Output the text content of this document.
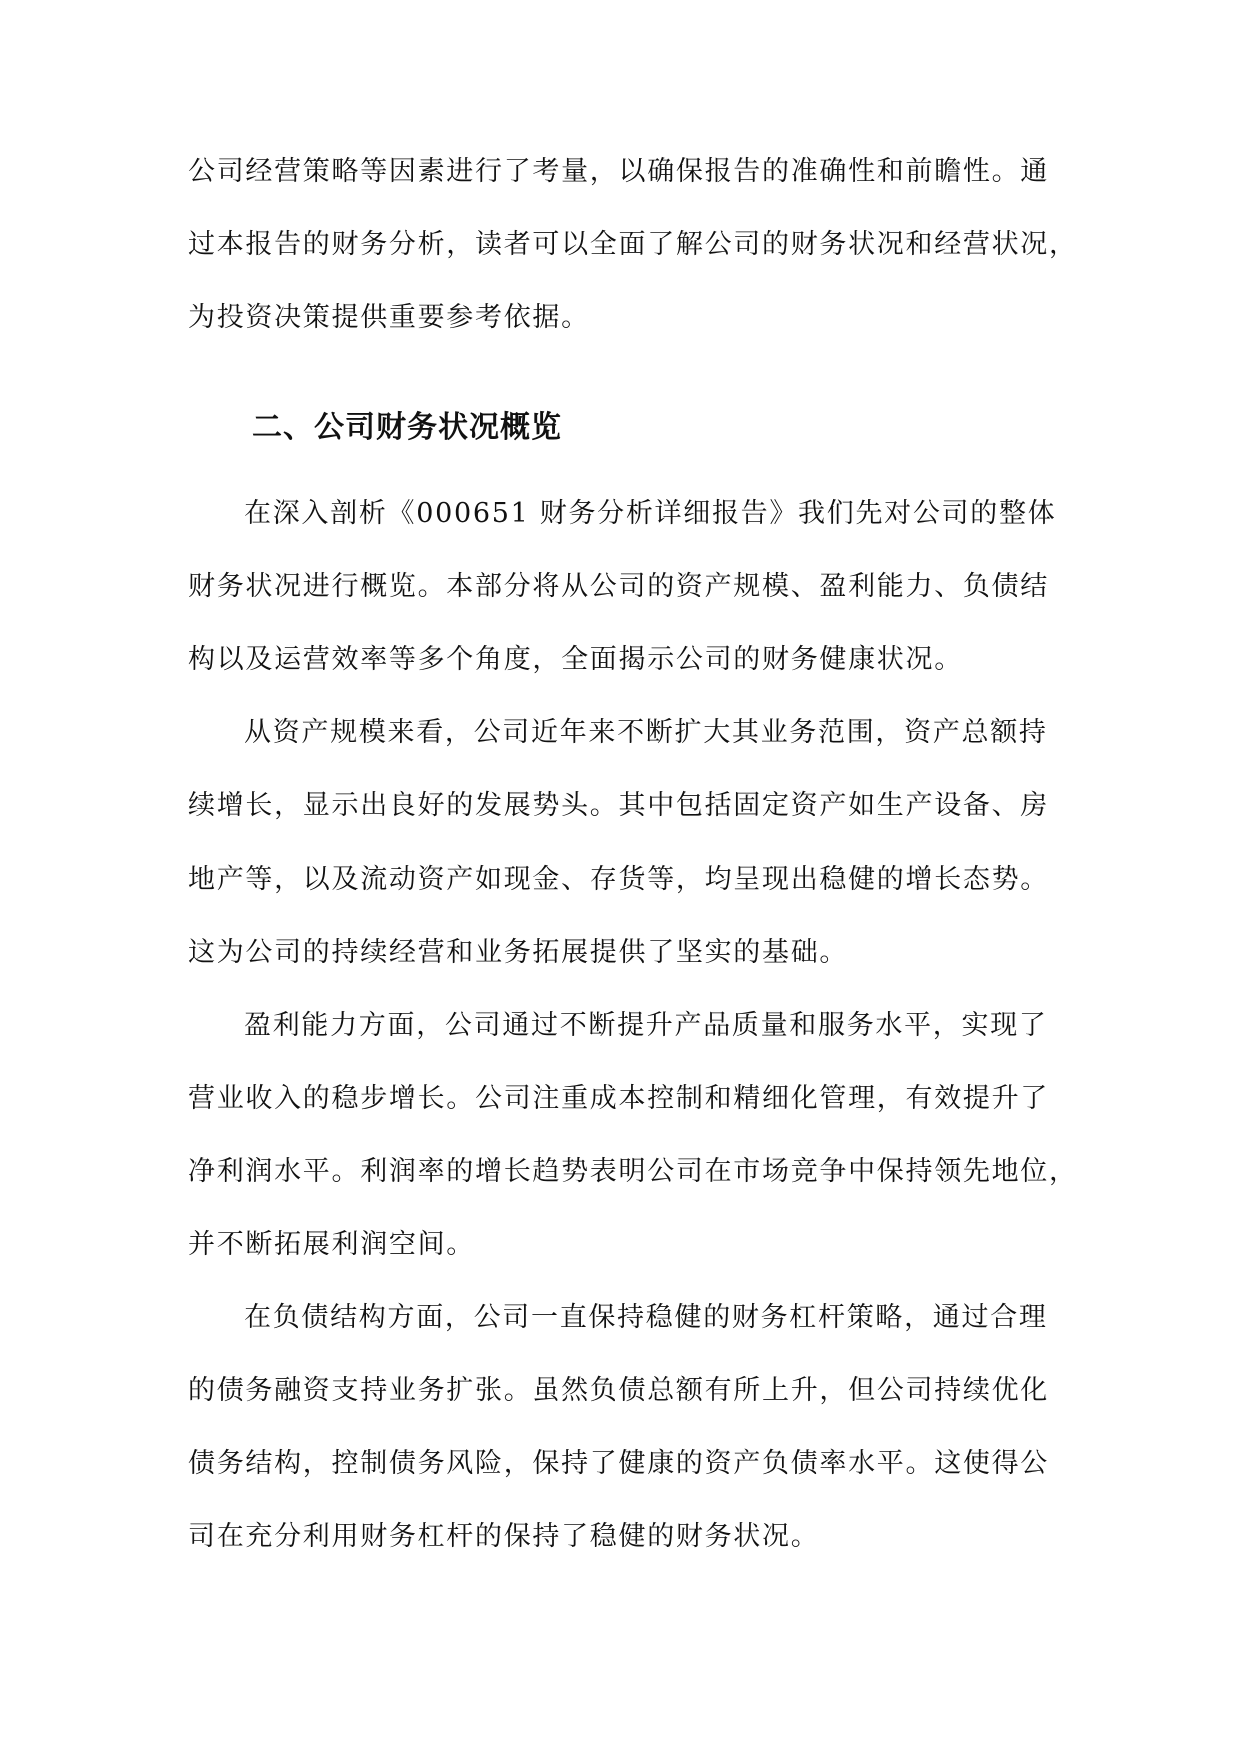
公司经营策略等因素进行了考量，以确保报告的准确性和前瞻性。通
过本报告的财务分析，读者可以全面了解公司的财务状况和经营状况，
为投资决策提供重要参考依据。
二、公司财务状况概览
在深入剖析《000651 财务分析详细报告》我们先对公司的整体
财务状况进行概览。本部分将从公司的资产规模、盈利能力、负债结
构以及运营效率等多个角度，全面揭示公司的财务健康状况。
从资产规模来看，公司近年来不断扩大其业务范围，资产总额持
续增长，显示出良好的发展势头。其中包括固定资产如生产设备、房
地产等，以及流动资产如现金、存货等，均呈现出稳健的增长态势。
这为公司的持续经营和业务拓展提供了坚实的基础。
盈利能力方面，公司通过不断提升产品质量和服务水平，实现了
营业收入的稳步增长。公司注重成本控制和精细化管理，有效提升了
净利润水平。利润率的增长趋势表明公司在市场竞争中保持领先地位，
并不断拓展利润空间。
在负债结构方面，公司一直保持稳健的财务杠杆策略，通过合理
的债务融资支持业务扩张。虽然负债总额有所上升，但公司持续优化
债务结构，控制债务风险，保持了健康的资产负债率水平。这使得公
司在充分利用财务杠杆的保持了稳健的财务状况。
